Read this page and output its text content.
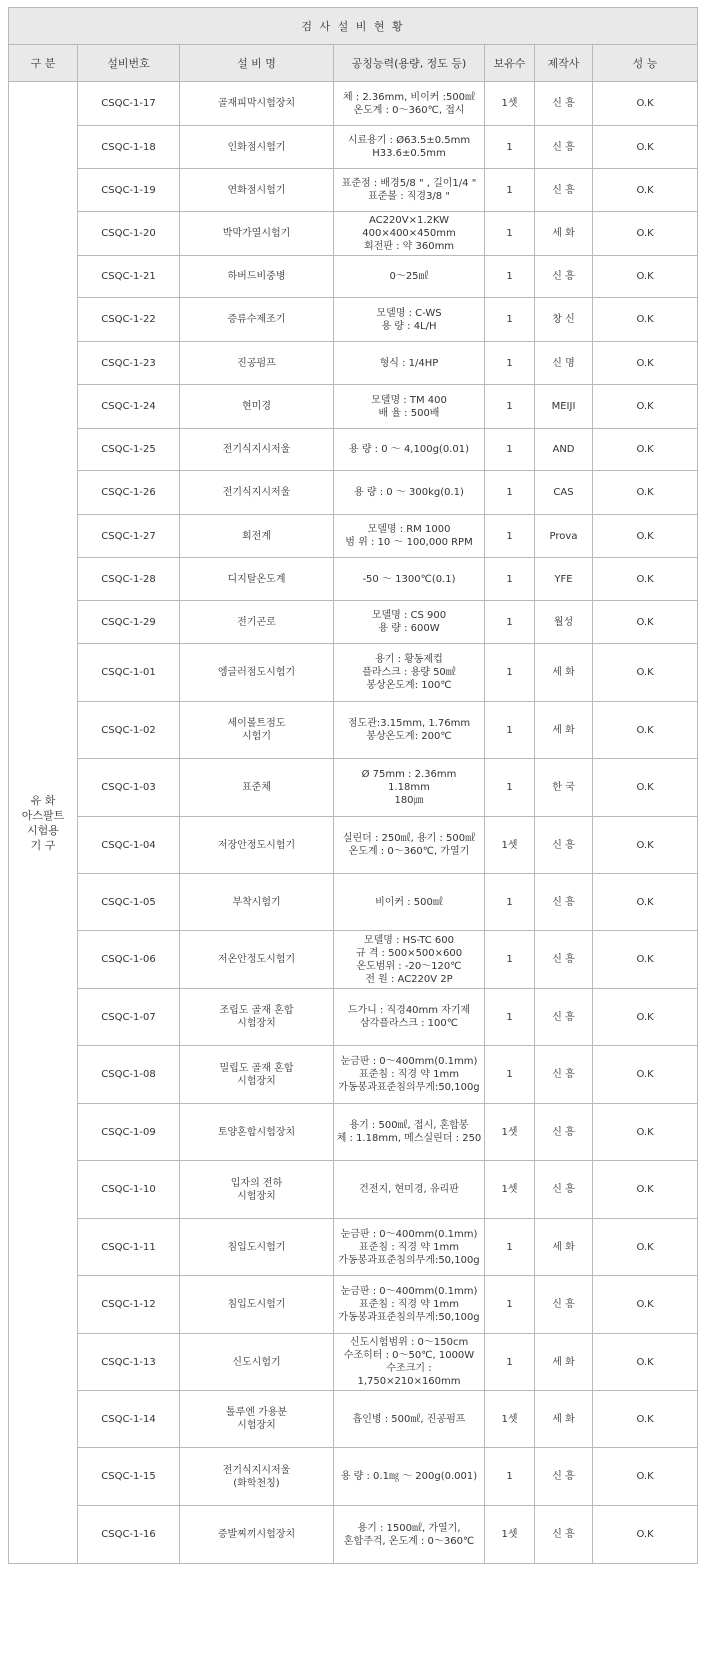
검 사 설 비 현 황						
구 분	설비번호	설 비 명	공칭능력(용량, 정도 등)	보유수	제작사	성 능
유 화
아스팔트
시험용
기 구	CSQC-1-17	골재피막시험장치	체 : 2.36mm, 비이커 :500㎖
온도계 : 0～360℃, 접시	1셋	신 흥	O.K
	CSQC-1-18	인화점시험기	시료용기 : Ø63.5±0.5mm
H33.6±0.5mm	1	신 흥	O.K
	CSQC-1-19	연화점시험기	표준점 : 배경5/8 " , 길이1/4 "
표준볼 : 직경3/8 "	1	신 흥	O.K
	CSQC-1-20	박막가열시험기	AC220V×1.2KW
400×400×450mm
회전판 : 약 360mm	1	세 화	O.K
	CSQC-1-21	하버드비중병	0～25㎖	1	신 흥	O.K
	CSQC-1-22	증류수제조기	모델명 : C-WS
용 량 : 4L/H	1	창 신	O.K
	CSQC-1-23	진공펌프	형식 : 1/4HP	1	신 명	O.K
	CSQC-1-24	현미경	모델명 : TM 400
배 율 : 500배	1	MEIJI	O.K
	CSQC-1-25	전기식지시저울	용 량 : 0 ～ 4,100g(0.01)	1	AND	O.K
	CSQC-1-26	전기식지시저울	용 량 : 0 ～ 300kg(0.1)	1	CAS	O.K
	CSQC-1-27	회전계	모델명 : RM 1000
범 위 : 10 ～ 100,000 RPM	1	Prova	O.K
	CSQC-1-28	디지탈온도계	-50 ～ 1300℃(0.1)	1	YFE	O.K
	CSQC-1-29	전기곤로	모델명 : CS 900
용 량 : 600W	1	월성	O.K
	CSQC-1-01	엥글러점도시험기	용기 : 황동제컵
플라스크 : 용량 50㎖
봉상온도계: 100℃	1	세 화	O.K
	CSQC-1-02	세이볼트점도
시험기	점도관:3.15mm, 1.76mm
봉상온도계: 200℃	1	세 화	O.K
	CSQC-1-03	표준체	Ø 75mm : 2.36mm
1.18mm
180㎛	1	한 국	O.K
	CSQC-1-04	저장안정도시험기	실린더 : 250㎖, 용기 : 500㎖
온도계 : 0～360℃, 가열기	1셋	신 흥	O.K
	CSQC-1-05	부착시험기	비이커 : 500㎖	1	신 흥	O.K
	CSQC-1-06	저온안정도시험기	모델명 : HS-TC 600
규 격 : 500×500×600
온도범위 : -20～120℃
전 원 : AC220V 2P	1	신 흥	O.K
	CSQC-1-07	조립도 골재 혼합
시험장치	드가니 : 직경40mm 자기제
삼각플라스크 : 100℃	1	신 흥	O.K
	CSQC-1-08	밀립도 골재 혼합
시험장치	눈금판 : 0～400mm(0.1mm)
표준침 : 직경 약 1mm
가동봉과표준침의무게:50,100g	1	신 흥	O.K
	CSQC-1-09	토양혼합시험장치	용기 : 500㎖, 접시, 혼합봉
체 : 1.18mm, 메스실린더 : 250	1셋	신 흥	O.K
	CSQC-1-10	입자의 전하
시험장치	건전지, 현미경, 유리판	1셋	신 흥	O.K
	CSQC-1-11	침입도시험기	눈금판 : 0～400mm(0.1mm)
표준침 : 직경 약 1mm
가동봉과표준침의무게:50,100g	1	세 화	O.K
	CSQC-1-12	침입도시험기	눈금판 : 0～400mm(0.1mm)
표준침 : 직경 약 1mm
가동봉과표준침의무게:50,100g	1	신 흥	O.K
	CSQC-1-13	신도시험기	신도시험범위 : 0～150cm
수조히터 : 0～50℃, 1000W
수조크기 : 1,750×210×160mm	1	세 화	O.K
	CSQC-1-14	톨루엔 가용분
시험장치	흡인병 : 500㎖, 진공펌프	1셋	세 화	O.K
	CSQC-1-15	전기식지시저울
(화학천칭)	용 량 : 0.1㎎ ～ 200g(0.001)	1	신 흥	O.K
	CSQC-1-16	증발찌끼시험장치	용기 : 1500㎖, 가열기,
혼합주걱, 온도계 : 0～360℃	1셋	신 흥	O.K
